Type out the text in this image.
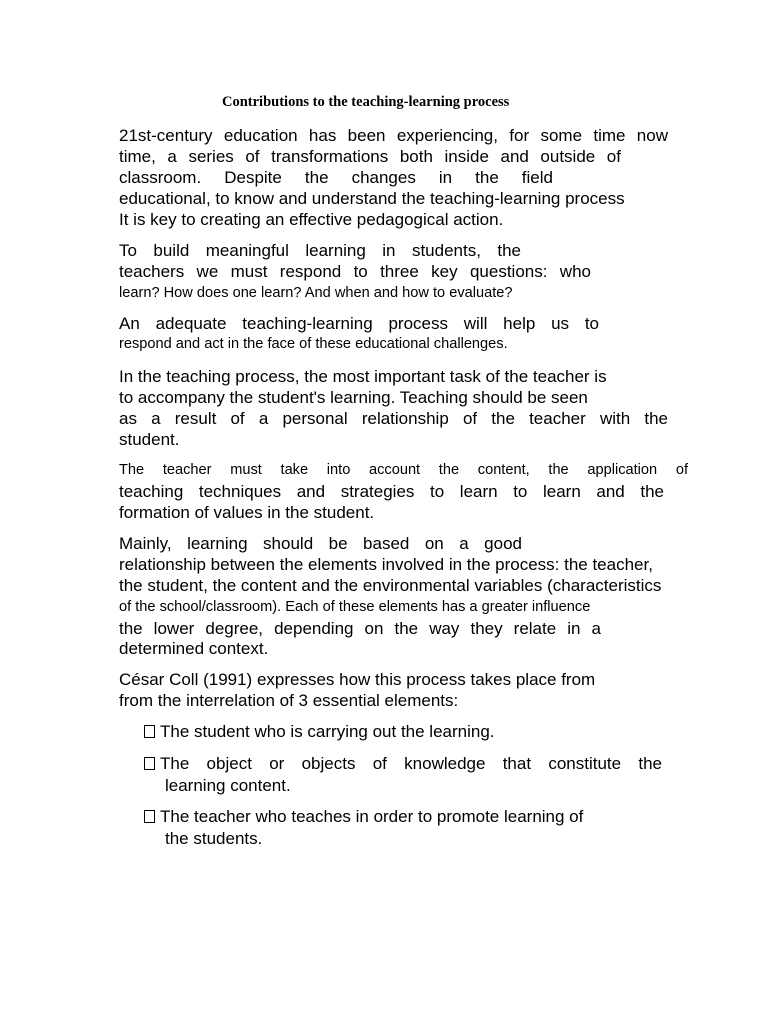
Contributions to the teaching-learning process
21st-century education has been experiencing, for some time now
time, a series of transformations both inside and outside of
classroom. Despite the changes in the field
educational, to know and understand the teaching-learning process
It is key to creating an effective pedagogical action.
To build meaningful learning in students, the
teachers we must respond to three key questions: who
learn? How does one learn? And when and how to evaluate?
An adequate teaching-learning process will help us to
respond and act in the face of these educational challenges.
In the teaching process, the most important task of the teacher is
to accompany the student's learning. Teaching should be seen
as a result of a personal relationship of the teacher with the
student.
The teacher must take into account the content, the application of
teaching techniques and strategies to learn to learn and the
formation of values in the student.
Mainly, learning should be based on a good
relationship between the elements involved in the process: the teacher,
the student, the content and the environmental variables (characteristics
of the school/classroom). Each of these elements has a greater influence
the lower degree, depending on the way they relate in a
determined context.
César Coll (1991) expresses how this process takes place from
from the interrelation of 3 essential elements:
The student who is carrying out the learning.
The object or objects of knowledge that constitute the
learning content.
The teacher who teaches in order to promote learning of
the students.
